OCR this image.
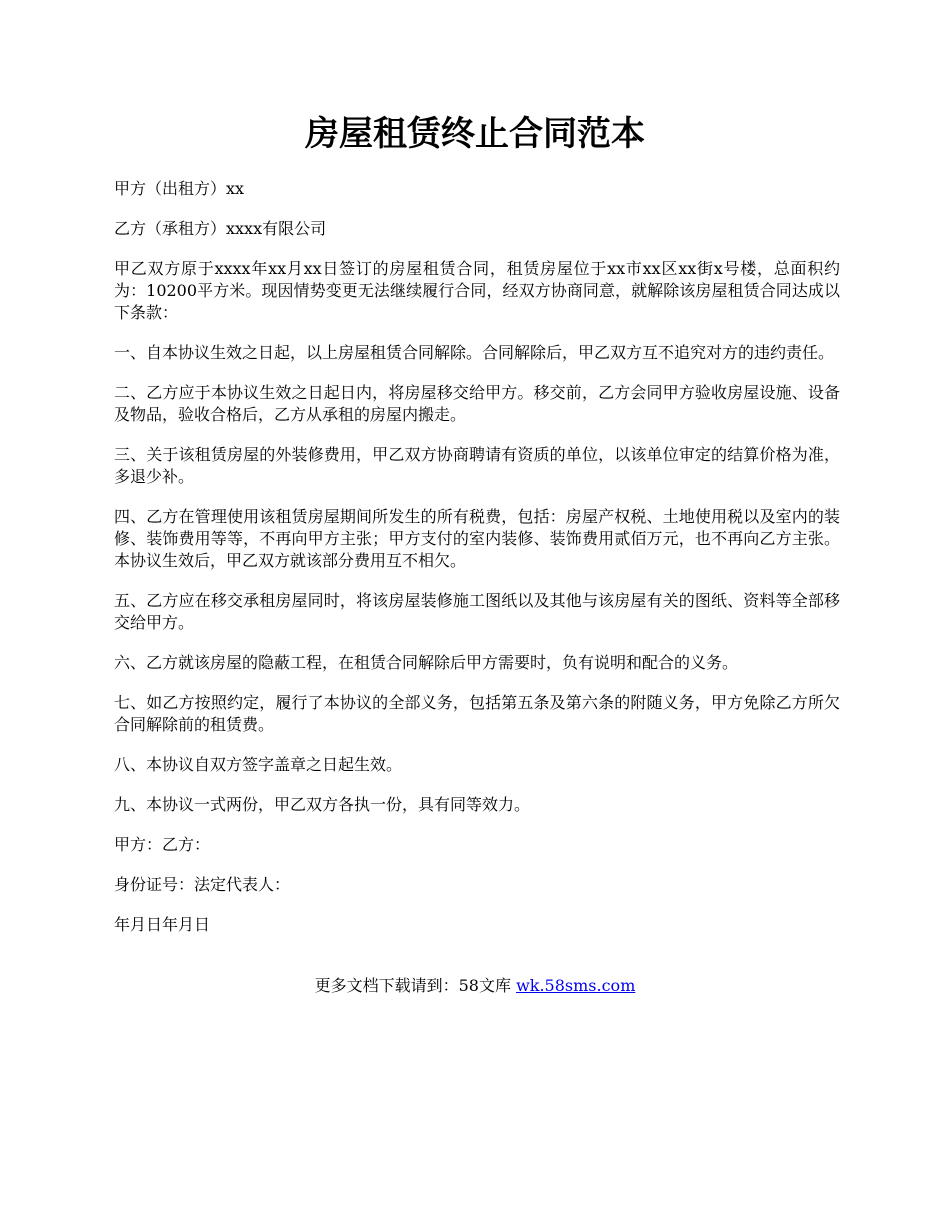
房屋租赁终止合同范本

甲方（出租方）xx

乙方（承租方）xxxx有限公司

甲乙双方原于xxxx年xx月xx日签订的房屋租赁合同，租赁房屋位于xx市xx区xx街x号楼，总面积约为：10200平方米。现因情势变更无法继续履行合同，经双方协商同意，就解除该房屋租赁合同达成以下条款：

一、自本协议生效之日起，以上房屋租赁合同解除。合同解除后，甲乙双方互不追究对方的违约责任。

二、乙方应于本协议生效之日起日内，将房屋移交给甲方。移交前，乙方会同甲方验收房屋设施、设备及物品，验收合格后，乙方从承租的房屋内搬走。

三、关于该租赁房屋的外装修费用，甲乙双方协商聘请有资质的单位，以该单位审定的结算价格为准，多退少补。

四、乙方在管理使用该租赁房屋期间所发生的所有税费，包括：房屋产权税、土地使用税以及室内的装修、装饰费用等等，不再向甲方主张；甲方支付的室内装修、装饰费用贰佰万元，也不再向乙方主张。本协议生效后，甲乙双方就该部分费用互不相欠。

五、乙方应在移交承租房屋同时，将该房屋装修施工图纸以及其他与该房屋有关的图纸、资料等全部移交给甲方。

六、乙方就该房屋的隐蔽工程，在租赁合同解除后甲方需要时，负有说明和配合的义务。

七、如乙方按照约定，履行了本协议的全部义务，包括第五条及第六条的附随义务，甲方免除乙方所欠合同解除前的租赁费。

八、本协议自双方签字盖章之日起生效。

九、本协议一式两份，甲乙双方各执一份，具有同等效力。

甲方：乙方：

身份证号：法定代表人：

年月日年月日

更多文档下载请到：58文库 wk.58sms.com
